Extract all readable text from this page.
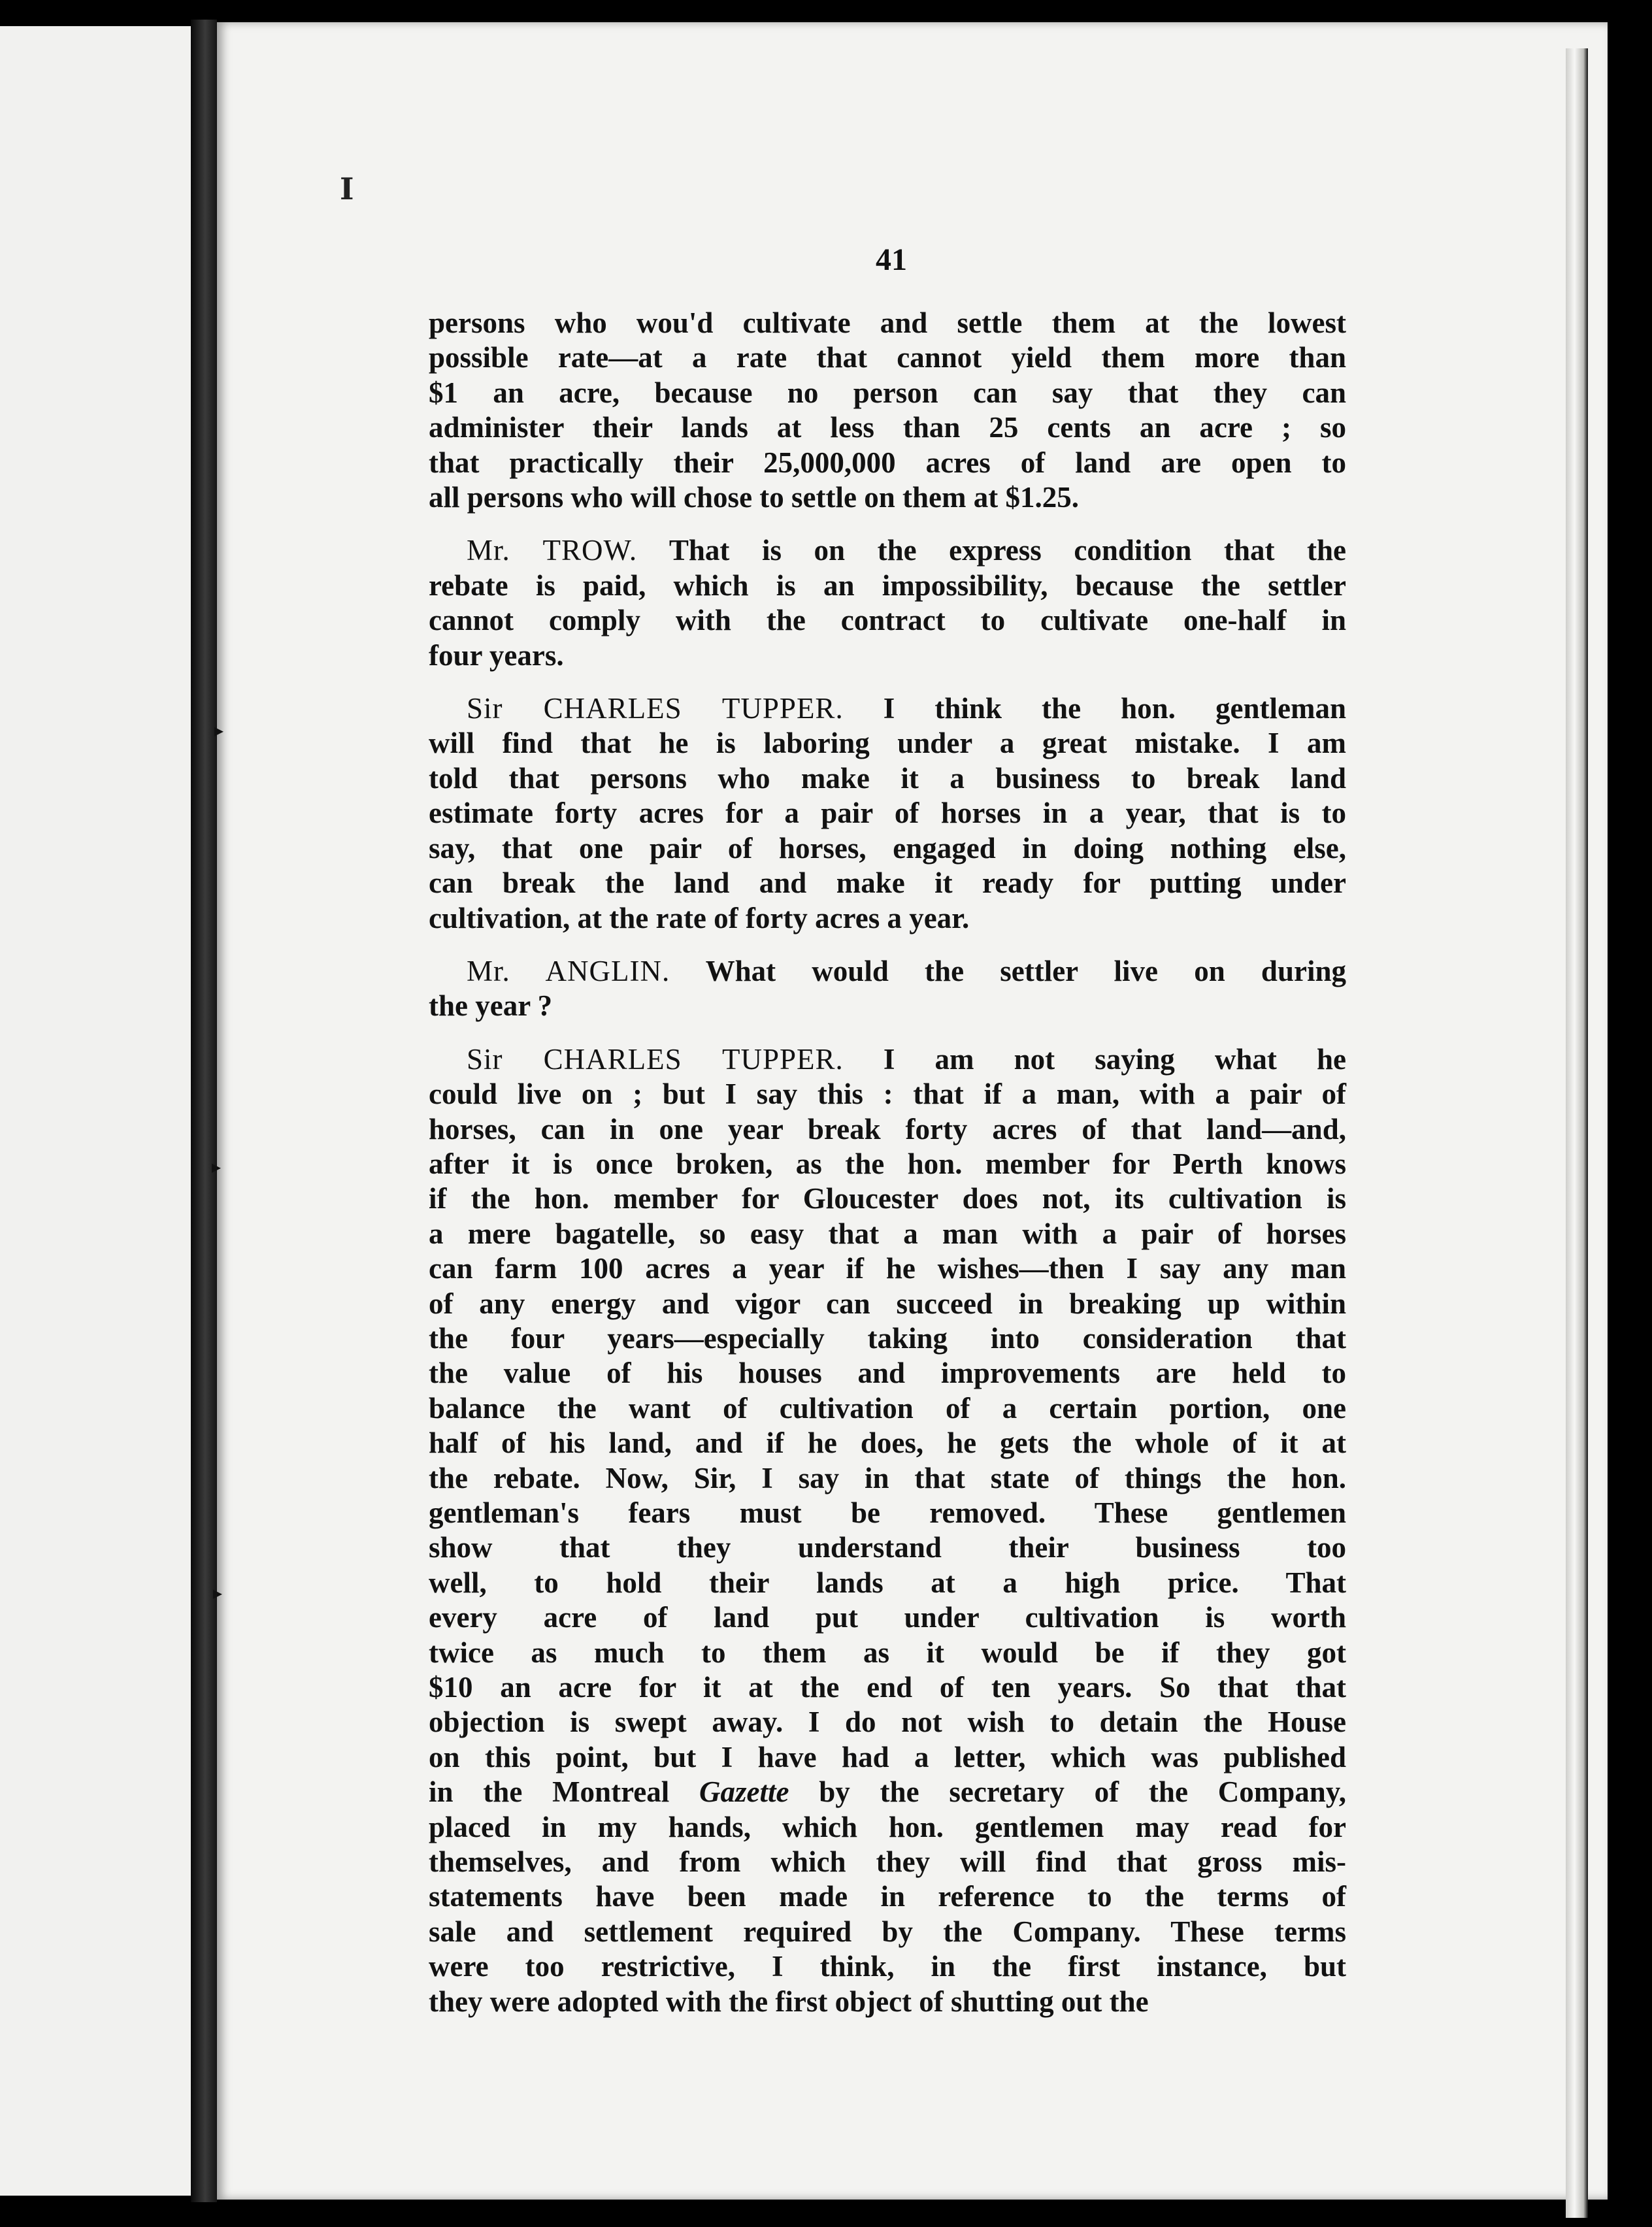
▸
▸
▸
I
41
persons who wou'd cultivate and settle them at the lowest
possible rate—at a rate that cannot yield them more than
$1 an acre, because no person can say that they can
administer their lands at less than 25 cents an acre ; so
that practically their 25,000,000 acres of land are open to
all persons who will chose to settle on them at $1.25.
Mr. TROW. That is on the express condition that the
rebate is paid, which is an impossibility, because the settler
cannot comply with the contract to cultivate one-half in
four years.
Sir CHARLES TUPPER. I think the hon. gentleman
will find that he is laboring under a great mistake. I am
told that persons who make it a business to break land
estimate forty acres for a pair of horses in a year, that is to
say, that one pair of horses, engaged in doing nothing else,
can break the land and make it ready for putting under
cultivation, at the rate of forty acres a year.
Mr. ANGLIN. What would the settler live on during
the year ?
Sir CHARLES TUPPER. I am not saying what he
could live on ; but I say this : that if a man, with a pair of
horses, can in one year break forty acres of that land—and,
after it is once broken, as the hon. member for Perth knows
if the hon. member for Gloucester does not, its cultivation is
a mere bagatelle, so easy that a man with a pair of horses
can farm 100 acres a year if he wishes—then I say any man
of any energy and vigor can succeed in breaking up within
the four years—especially taking into consideration that
the value of his houses and improvements are held to
balance the want of cultivation of a certain portion, one
half of his land, and if he does, he gets the whole of it at
the rebate. Now, Sir, I say in that state of things the hon.
gentleman's fears must be removed. These gentlemen
show that they understand their business too
well, to hold their lands at a high price. That
every acre of land put under cultivation is worth
twice as much to them as it would be if they got
$10 an acre for it at the end of ten years. So that that
objection is swept away. I do not wish to detain the House
on this point, but I have had a letter, which was published
in the Montreal Gazette by the secretary of the Company,
placed in my hands, which hon. gentlemen may read for
themselves, and from which they will find that gross mis-
statements have been made in reference to the terms of
sale and settlement required by the Company. These terms
were too restrictive, I think, in the first instance, but
they were adopted with the first object of shutting out the
